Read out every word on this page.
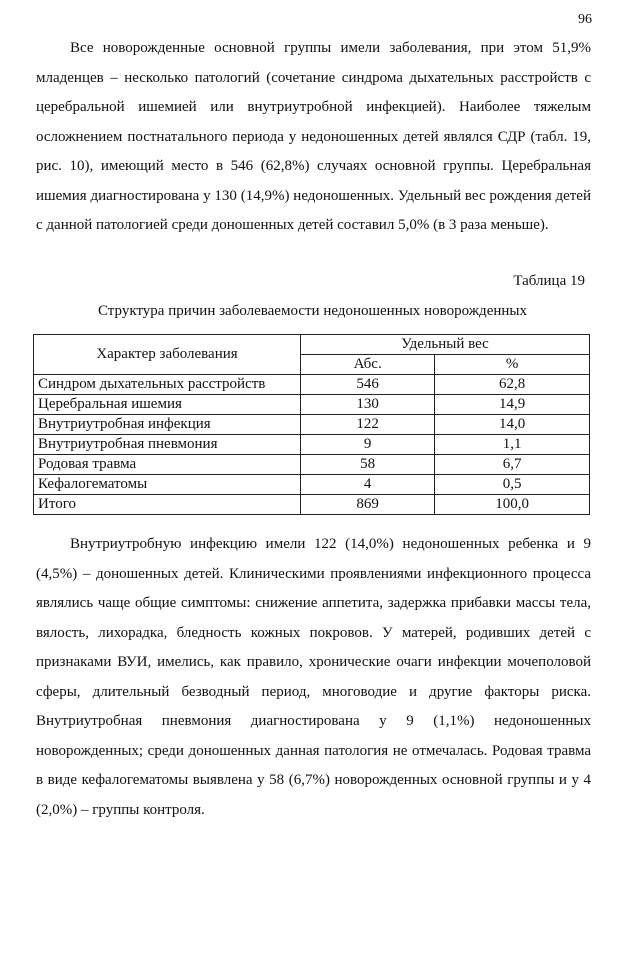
96

Все новорожденные основной группы имели заболевания, при этом 51,9% младенцев – несколько патологий (сочетание синдрома дыхательных расстройств с церебральной ишемией или внутриутробной инфекцией). Наиболее тяжелым осложнением постнатального периода у недоношенных детей являлся СДР (табл. 19, рис. 10), имеющий место в 546 (62,8%) случаях основной группы. Церебральная ишемия диагностирована у 130 (14,9%) недоношенных. Удельный вес рождения детей с данной патологией среди доношенных детей составил 5,0% (в 3 раза меньше).

Таблица 19
Структура причин заболеваемости недоношенных новорожденных
Характер заболевания	Удельный вес	
	Абс.	%
Синдром дыхательных расстройств	546	62,8
Церебральная ишемия	130	14,9
Внутриутробная инфекция	122	14,0
Внутриутробная пневмония	9	1,1
Родовая травма	58	6,7
Кефалогематомы	4	0,5
Итого	869	100,0

Внутриутробную инфекцию имели 122 (14,0%) недоношенных ребенка и 9 (4,5%) – доношенных детей. Клиническими проявлениями инфекционного процесса являлись чаще общие симптомы: снижение аппетита, задержка прибавки массы тела, вялость, лихорадка, бледность кожных покровов. У матерей, родивших детей с признаками ВУИ, имелись, как правило, хронические очаги инфекции мочеполовой сферы, длительный безводный период, многоводие и другие факторы риска. Внутриутробная пневмония диагностирована у 9 (1,1%) недоношенных новорожденных; среди доношенных данная патология не отмечалась. Родовая травма в виде кефалогематомы выявлена у 58 (6,7%) новорожденных основной группы и у 4 (2,0%) – группы контроля.
